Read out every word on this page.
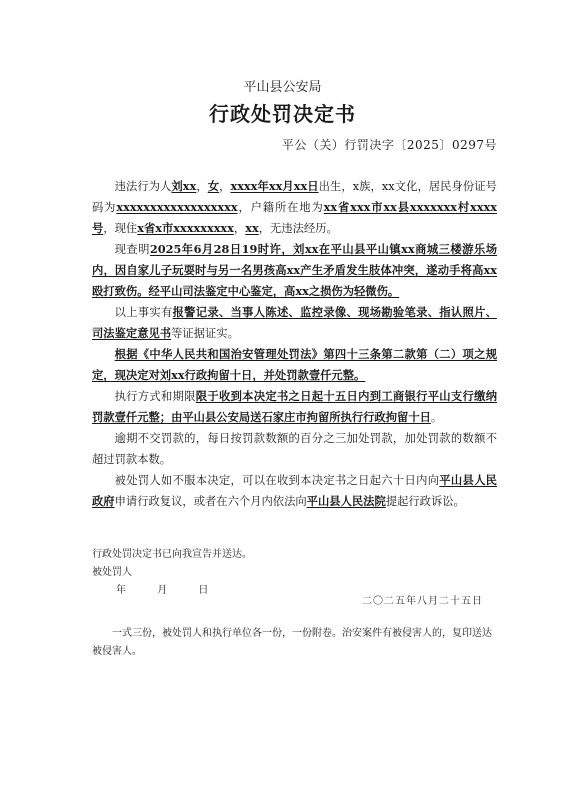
平山县公安局
行政处罚决定书
平公（关）行罚决字〔2025〕0297号

违法行为人刘xx，女，xxxx年xx月xx日出生，x族，xx文化，居民身份证号码为xxxxxxxxxxxxxxxxxx，户籍所在地为xx省xxx市xx县xxxxxxx村xxxx号，现住x省x市xxxxxxxxx，xx，无违法经历。

现查明2025年6月28日19时许，刘xx在平山县平山镇xx商城三楼游乐场内，因自家儿子玩耍时与另一名男孩高xx产生矛盾发生肢体冲突，遂动手将高xx殴打致伤。经平山司法鉴定中心鉴定，高xx之损伤为轻微伤。

以上事实有报警记录、当事人陈述、监控录像、现场勘验笔录、指认照片、司法鉴定意见书等证据证实。

根据《中华人民共和国治安管理处罚法》第四十三条第二款第（二）项之规定，现决定对刘xx行政拘留十日，并处罚款壹仟元整。

执行方式和期限限于收到本决定书之日起十五日内到工商银行平山支行缴纳罚款壹仟元整；由平山县公安局送石家庄市拘留所执行行政拘留十日。

逾期不交罚款的，每日按罚款数额的百分之三加处罚款，加处罚款的数额不超过罚款本数。

被处罚人如不服本决定，可以在收到本决定书之日起六十日内向平山县人民政府申请行政复议，或者在六个月内依法向平山县人民法院提起行政诉讼。

行政处罚决定书已向我宣告并送达。
被处罚人
年	月	日
二〇二五年八月二十五日
一式三份，被处罚人和执行单位各一份，一份附卷。治安案件有被侵害人的，复印送达被侵害人。
